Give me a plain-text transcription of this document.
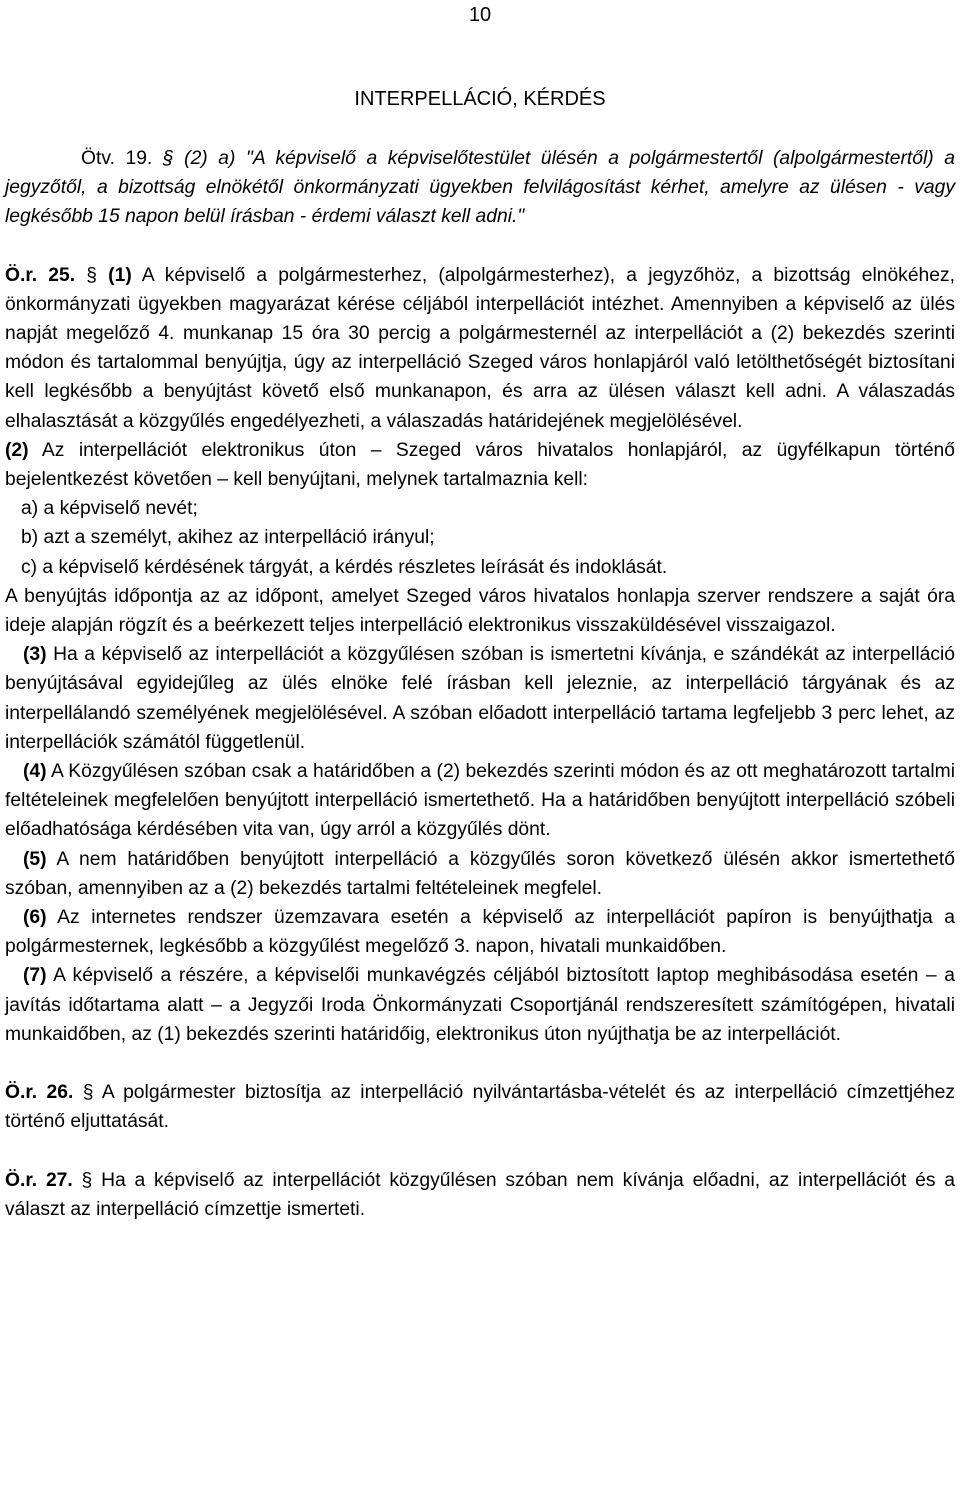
10
INTERPELLÁCIÓ, KÉRDÉS

Ötv. 19. § (2) a) "A képviselő a képviselőtestület ülésén a polgármestertől (alpolgármestertől) a jegyzőtől, a bizottság elnökétől önkormányzati ügyekben felvilágosítást kérhet, amelyre az ülésen - vagy legkésőbb 15 napon belül írásban - érdemi választ kell adni."

Ö.r. 25. § (1) A képviselő a polgármesterhez, (alpolgármesterhez), a jegyzőhöz, a bizottság elnökéhez, önkormányzati ügyekben magyarázat kérése céljából interpellációt intézhet. Amennyiben a képviselő az ülés napját megelőző 4. munkanap 15 óra 30 percig a polgármesternél az interpellációt a (2) bekezdés szerinti módon és tartalommal benyújtja, úgy az interpelláció Szeged város honlapjáról való letölthetőségét biztosítani kell legkésőbb a benyújtást követő első munkanapon, és arra az ülésen választ kell adni. A válaszadás elhalasztását a közgyűlés engedélyezheti, a válaszadás határidejének megjelölésével.

(2) Az interpellációt elektronikus úton – Szeged város hivatalos honlapjáról, az ügyfélkapun történő bejelentkezést követően – kell benyújtani, melynek tartalmaznia kell:

a) a képviselő nevét;

b) azt a személyt, akihez az interpelláció irányul;

c) a képviselő kérdésének tárgyát, a kérdés részletes leírását és indoklását.

A benyújtás időpontja az az időpont, amelyet Szeged város hivatalos honlapja szerver rendszere a saját óra ideje alapján rögzít és a beérkezett teljes interpelláció elektronikus visszaküldésével visszaigazol.

(3) Ha a képviselő az interpellációt a közgyűlésen szóban is ismertetni kívánja, e szándékát az interpelláció benyújtásával egyidejűleg az ülés elnöke felé írásban kell jeleznie, az interpelláció tárgyának és az interpellálandó személyének megjelölésével. A szóban előadott interpelláció tartama legfeljebb 3 perc lehet, az interpellációk számától függetlenül.

(4) A Közgyűlésen szóban csak a határidőben a (2) bekezdés szerinti módon és az ott meghatározott tartalmi feltételeinek megfelelően benyújtott interpelláció ismertethető. Ha a határidőben benyújtott interpelláció szóbeli előadhatósága kérdésében vita van, úgy arról a közgyűlés dönt.

(5) A nem határidőben benyújtott interpelláció a közgyűlés soron következő ülésén akkor ismertethető szóban, amennyiben az a (2) bekezdés tartalmi feltételeinek megfelel.

(6) Az internetes rendszer üzemzavara esetén a képviselő az interpellációt papíron is benyújthatja a polgármesternek, legkésőbb a közgyűlést megelőző 3. napon, hivatali munkaidőben.

(7) A képviselő a részére, a képviselői munkavégzés céljából biztosított laptop meghibásodása esetén – a javítás időtartama alatt – a Jegyzői Iroda Önkormányzati Csoportjánál rendszeresített számítógépen, hivatali munkaidőben, az (1) bekezdés szerinti határidőig, elektronikus úton nyújthatja be az interpellációt.

Ö.r. 26. § A polgármester biztosítja az interpelláció nyilvántartásba-vételét és az interpelláció címzettjéhez történő eljuttatását.

Ö.r. 27. § Ha a képviselő az interpellációt közgyűlésen szóban nem kívánja előadni, az interpellációt és a választ az interpelláció címzettje ismerteti.
